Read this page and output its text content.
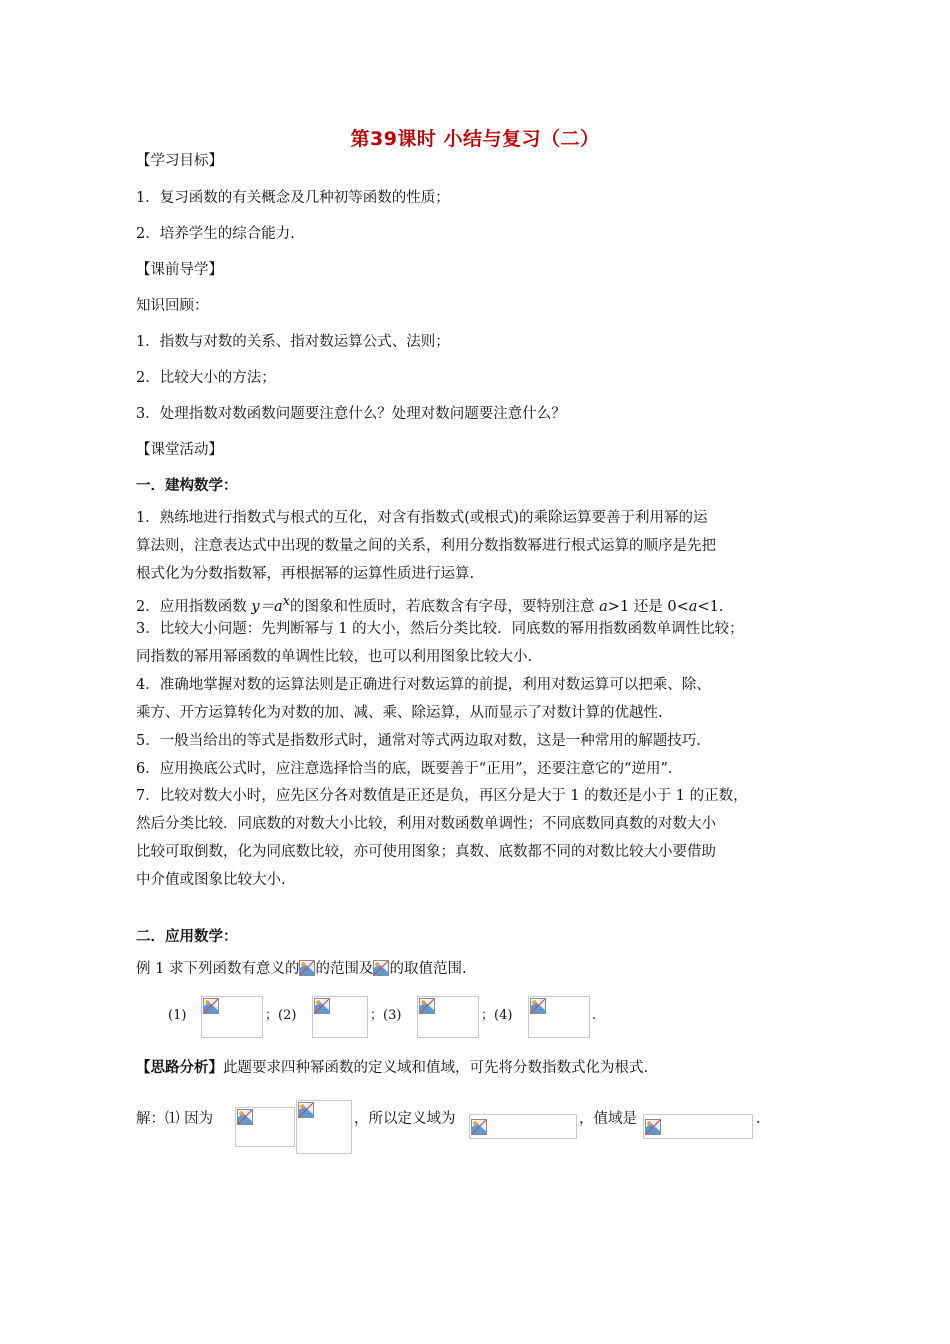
第39课时 小结与复习（二）
【学习目标】
1．复习函数的有关概念及几种初等函数的性质；
2．培养学生的综合能力.
【课前导学】
知识回顾：
1．指数与对数的关系、指对数运算公式、法则；
2．比较大小的方法；
3．处理指数对数函数问题要注意什么？处理对数问题要注意什么？
【课堂活动】
一．建构数学：
1．熟练地进行指数式与根式的互化，对含有指数式(或根式)的乘除运算要善于利用幂的运
算法则，注意表达式中出现的数量之间的关系，利用分数指数幂进行根式运算的顺序是先把
根式化为分数指数幂，再根据幂的运算性质进行运算.
2．应用指数函数 $y=a^x$的图象和性质时，若底数含有字母，要特别注意 a>1 还是 0<a<1.
3．比较大小问题：先判断幂与 1 的大小，然后分类比较．同底数的幂用指数函数单调性比较；
同指数的幂用幂函数的单调性比较，也可以利用图象比较大小.
4．准确地掌握对数的运算法则是正确进行对数运算的前提，利用对数运算可以把乘、除、
乘方、开方运算转化为对数的加、减、乘、除运算，从而显示了对数计算的优越性.
5．一般当给出的等式是指数形式时，通常对等式两边取对数，这是一种常用的解题技巧.
6．应用换底公式时，应注意选择恰当的底，既要善于“正用”，还要注意它的“逆用”．
7．比较对数大小时，应先区分各对数值是正还是负，再区分是大于 1 的数还是小于 1 的正数，
然后分类比较．同底数的对数大小比较，利用对数函数单调性；不同底数同真数的对数大小
比较可取倒数，化为同底数比较，亦可使用图象；真数、底数都不同的对数比较大小要借助
中介值或图象比较大小.
二．应用数学：
例 1 求下列函数有意义的 的范围及 的取值范围.
(1)	；(2)	；(3)	；(4)	.
【思路分析】此题要求四种幂函数的定义域和值域，可先将分数指数式化为根式.
解：⑴ 因为	，所以定义域为	，值域是	.
